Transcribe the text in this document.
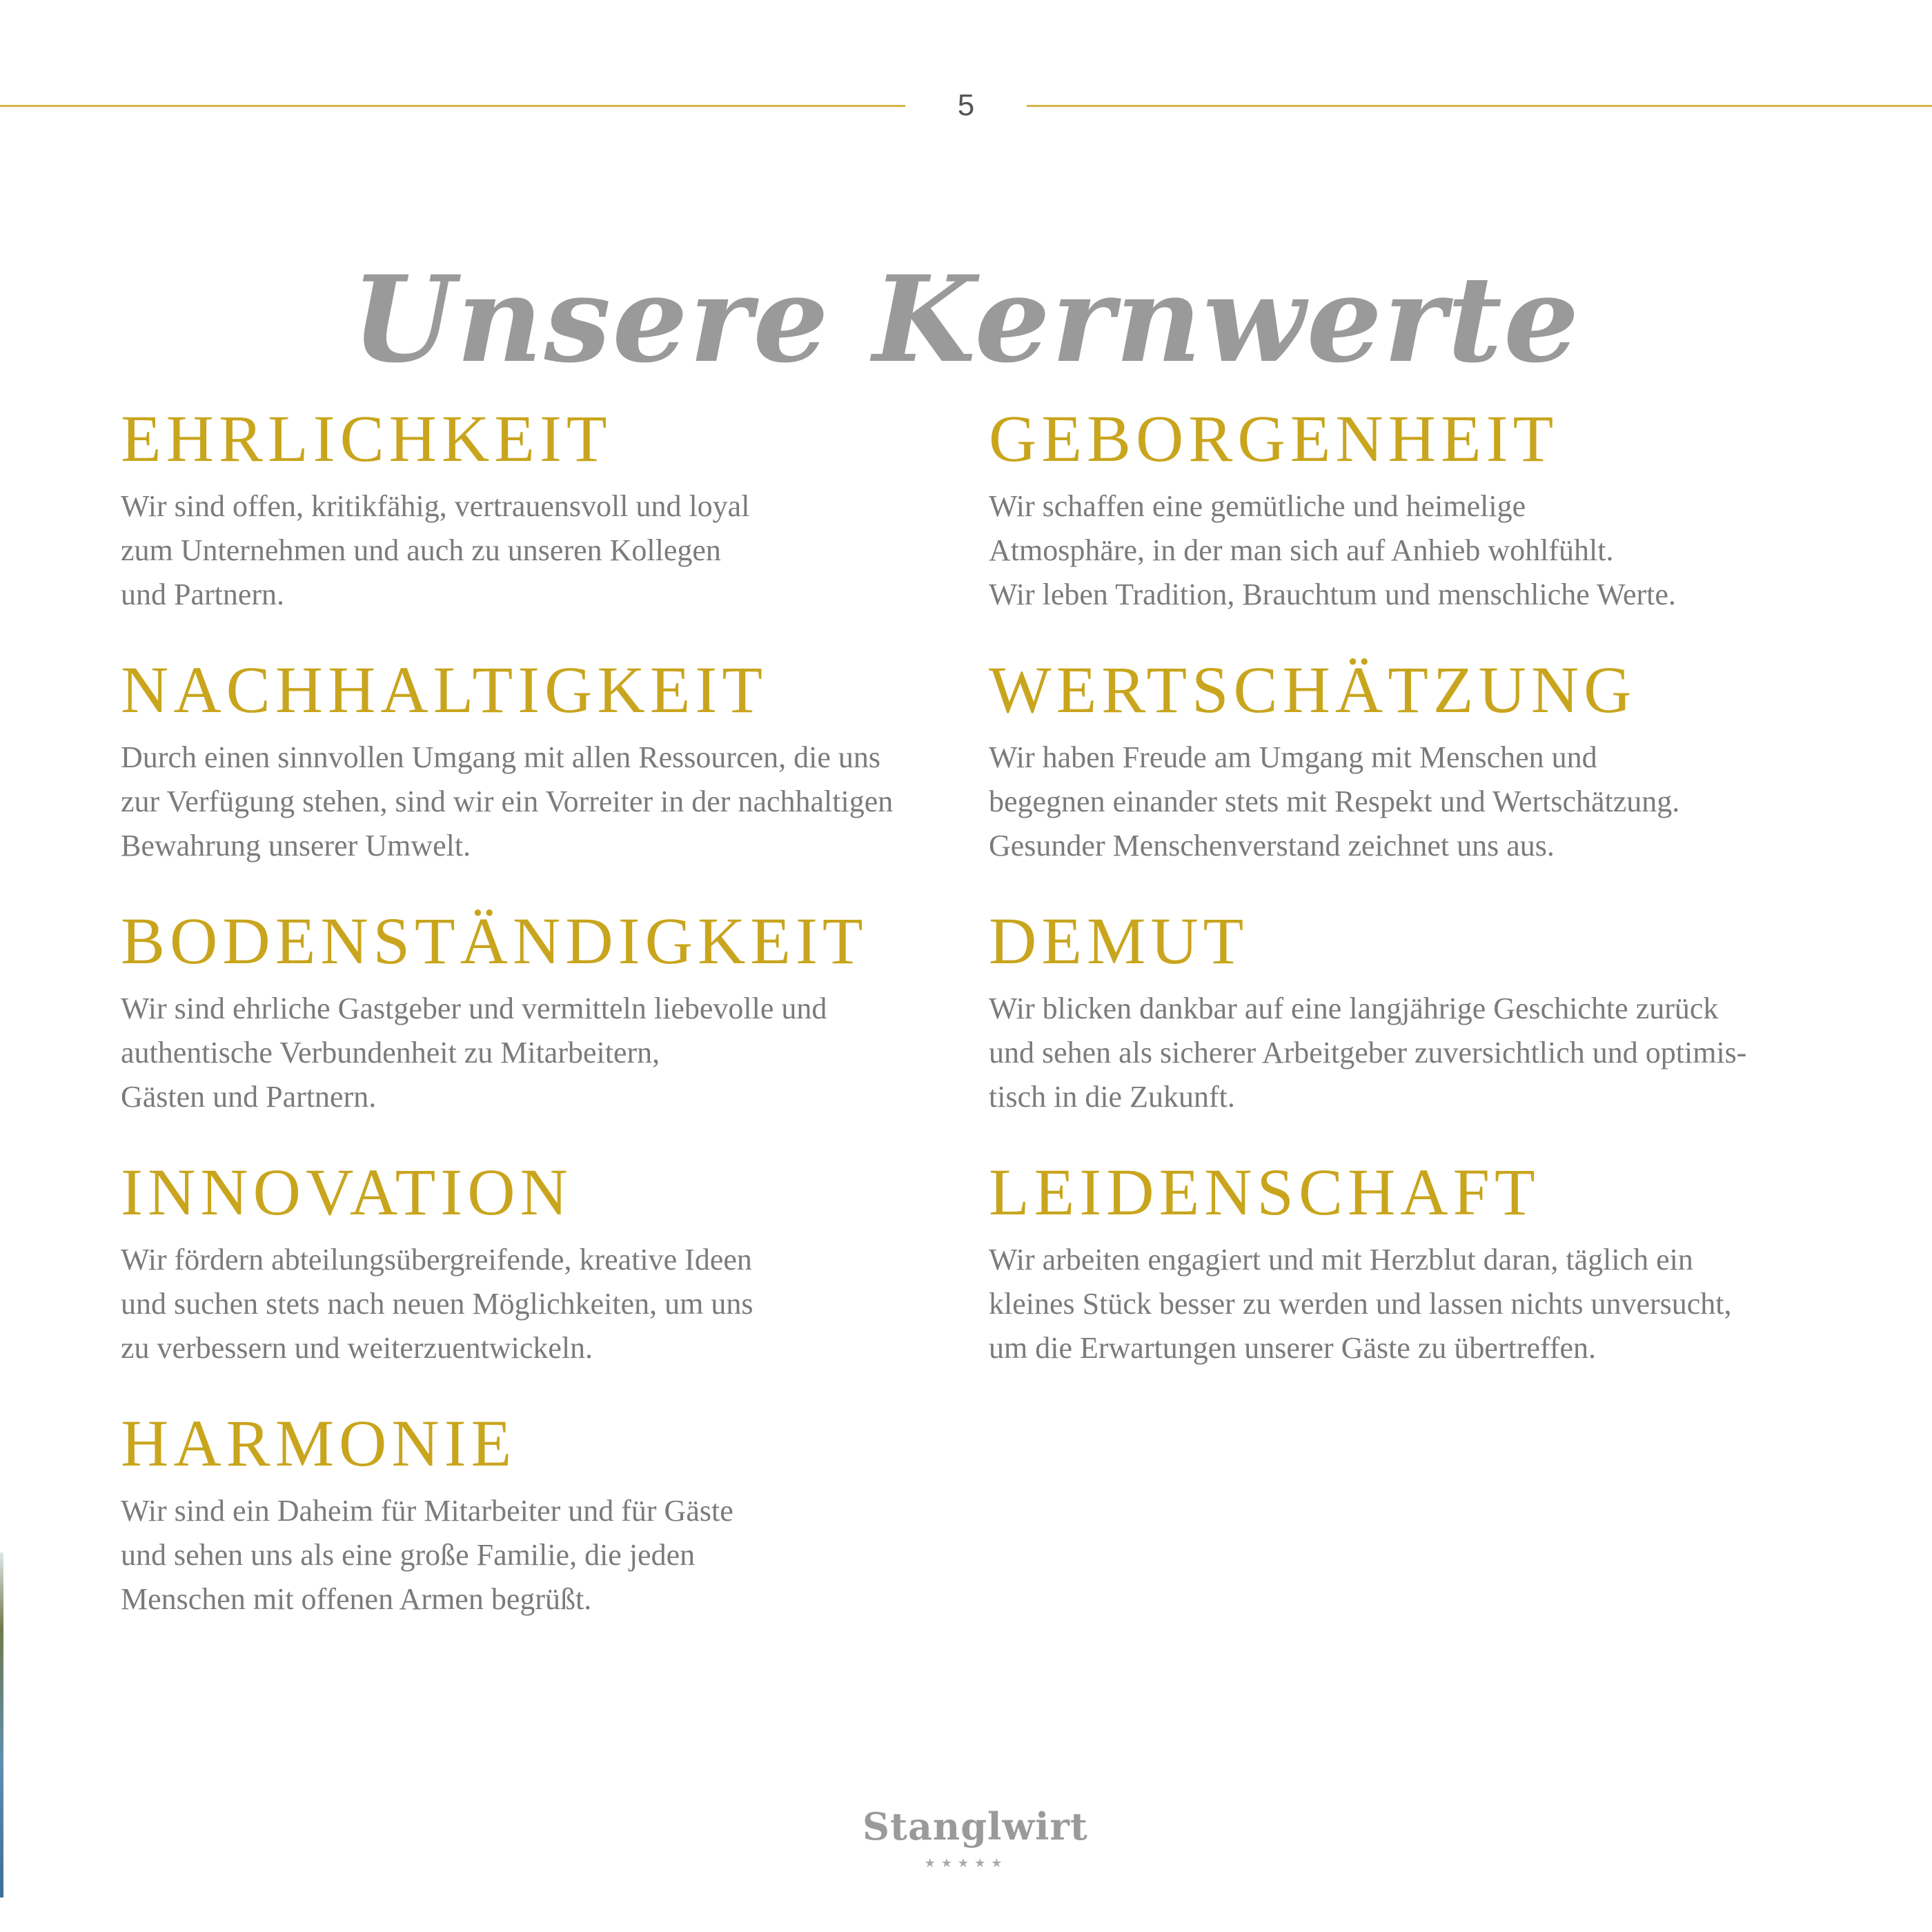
5
Unsere Kernwerte
EHRLICHKEIT

Wir sind offen, kritikfähig, vertrauensvoll und loyal
zum Unternehmen und auch zu unseren Kollegen
und Partnern.

NACHHALTIGKEIT

Durch einen sinnvollen Umgang mit allen Ressourcen, die uns
zur Verfügung stehen, sind wir ein Vorreiter in der nachhaltigen
Bewahrung unserer Umwelt.

BODENSTÄNDIGKEIT

Wir sind ehrliche Gastgeber und vermitteln liebevolle und
authentische Verbundenheit zu Mitarbeitern,
Gästen und Partnern.

INNOVATION

Wir fördern abteilungsübergreifende, kreative Ideen
und suchen stets nach neuen Möglichkeiten, um uns
zu verbessern und weiterzuentwickeln.

HARMONIE

Wir sind ein Daheim für Mitarbeiter und für Gäste
und sehen uns als eine große Familie, die jeden
Menschen mit offenen Armen begrüßt.

GEBORGENHEIT

Wir schaffen eine gemütliche und heimelige
Atmosphäre, in der man sich auf Anhieb wohlfühlt.
Wir leben Tradition, Brauchtum und menschliche Werte.

WERTSCHÄTZUNG

Wir haben Freude am Umgang mit Menschen und
begegnen einander stets mit Respekt und Wertschätzung.
Gesunder Menschenverstand zeichnet uns aus.

DEMUT

Wir blicken dankbar auf eine langjährige Geschichte zurück
und sehen als sicherer Arbeitgeber zuversichtlich und optimis-
tisch in die Zukunft.

LEIDENSCHAFT

Wir arbeiten engagiert und mit Herzblut daran, täglich ein
kleines Stück besser zu werden und lassen nichts unversucht,
um die Erwartungen unserer Gäste zu übertreffen.

Stanglwirt
★★★★★
